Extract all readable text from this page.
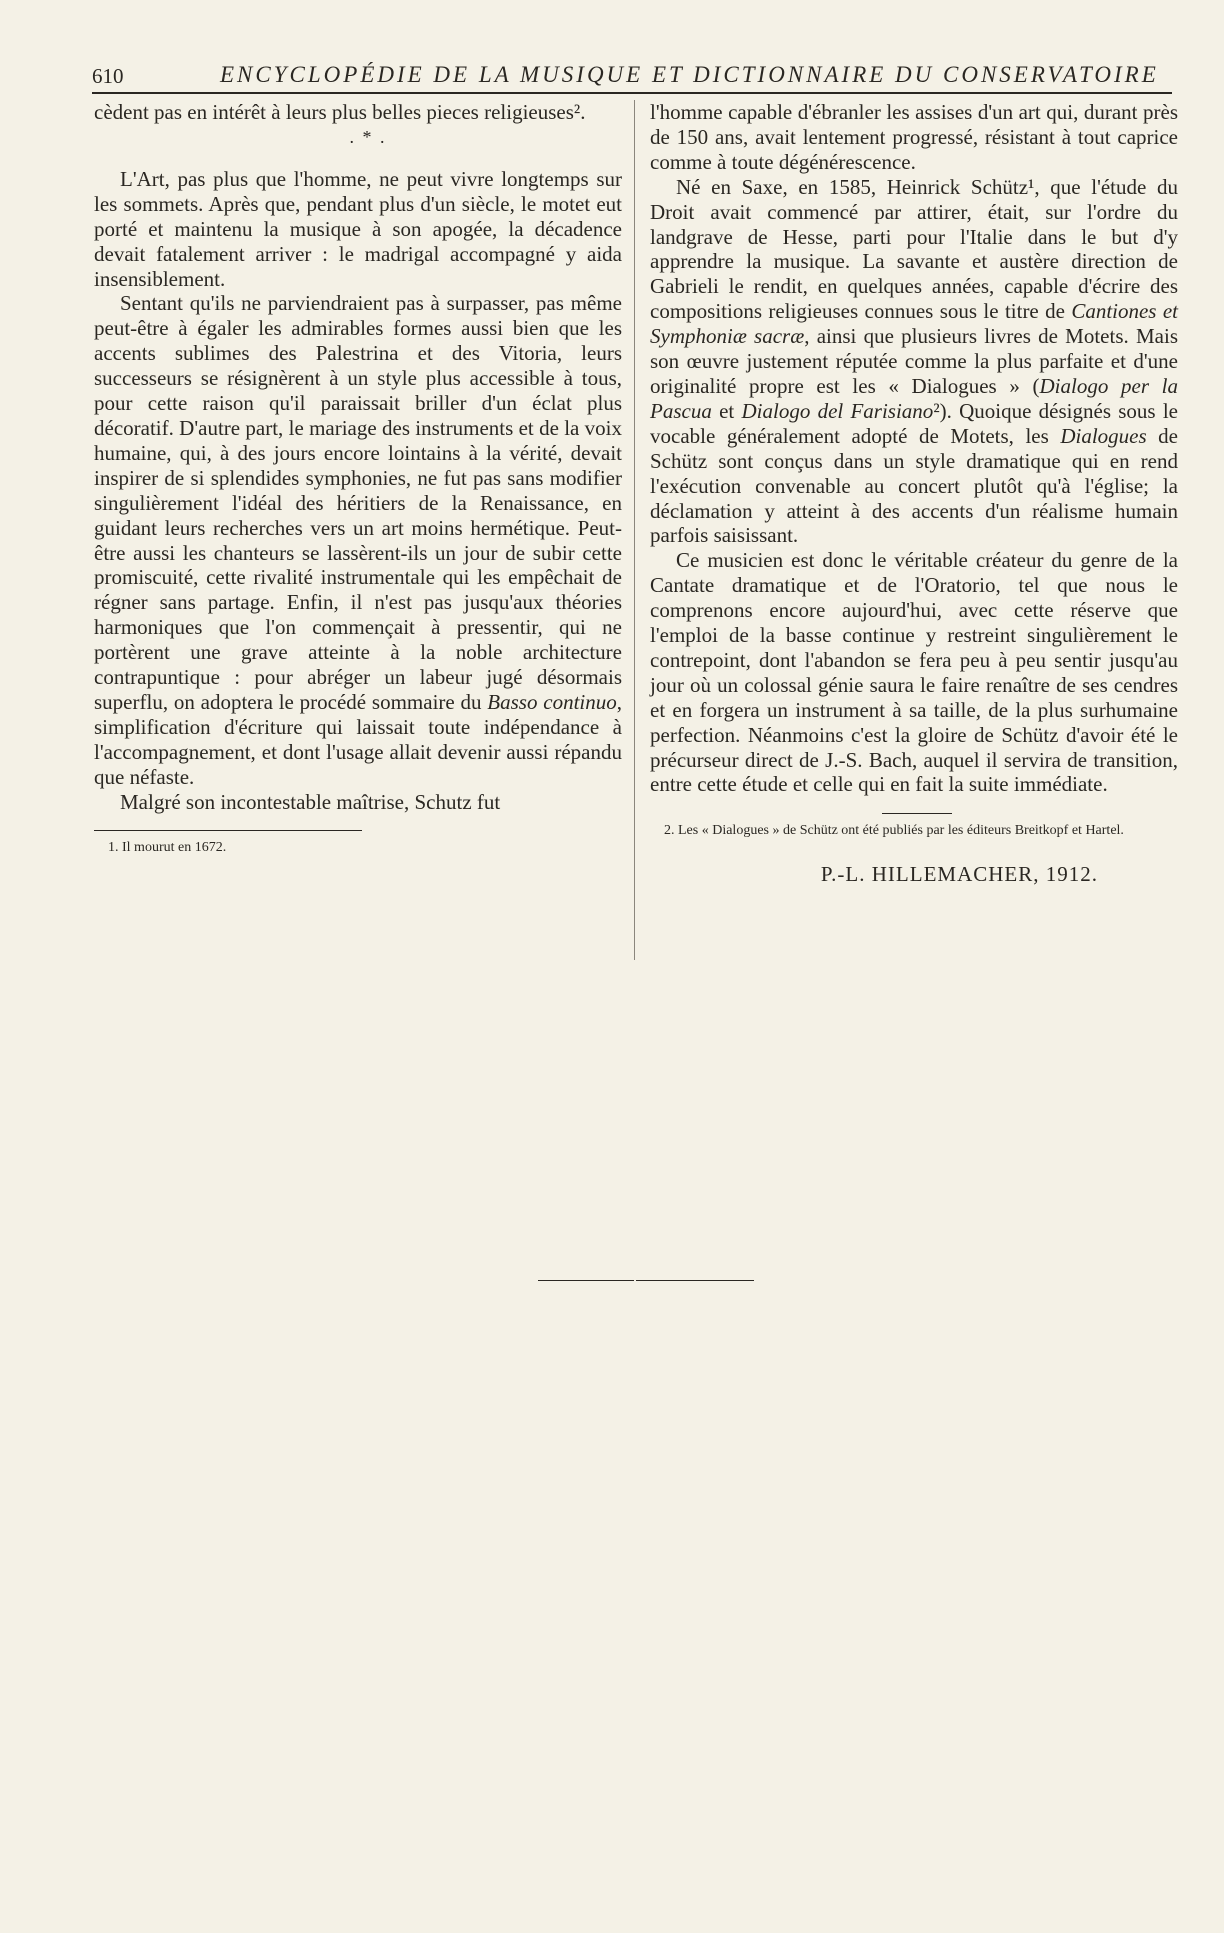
610	ENCYCLOPÉDIE DE LA MUSIQUE ET DICTIONNAIRE DU CONSERVATOIRE

cèdent pas en intérêt à leurs plus belles pieces religieuses².

. * .

L'Art, pas plus que l'homme, ne peut vivre longtemps sur les sommets. Après que, pendant plus d'un siècle, le motet eut porté et maintenu la musique à son apogée, la décadence devait fatalement arriver : le madrigal accompagné y aida insensiblement.

Sentant qu'ils ne parviendraient pas à surpasser, pas même peut-être à égaler les admirables formes aussi bien que les accents sublimes des Palestrina et des Vitoria, leurs successeurs se résignèrent à un style plus accessible à tous, pour cette raison qu'il paraissait briller d'un éclat plus décoratif. D'autre part, le mariage des instruments et de la voix humaine, qui, à des jours encore lointains à la vérité, devait inspirer de si splendides symphonies, ne fut pas sans modifier singulièrement l'idéal des héritiers de la Renaissance, en guidant leurs recherches vers un art moins hermétique. Peut-être aussi les chanteurs se lassèrent-ils un jour de subir cette promiscuité, cette rivalité instrumentale qui les empêchait de régner sans partage. Enfin, il n'est pas jusqu'aux théories harmoniques que l'on commençait à pressentir, qui ne portèrent une grave atteinte à la noble architecture contrapuntique : pour abréger un labeur jugé désormais superflu, on adoptera le procédé sommaire du Basso continuo, simplification d'écriture qui laissait toute indépendance à l'accompagnement, et dont l'usage allait devenir aussi répandu que néfaste.

Malgré son incontestable maîtrise, Schutz fut

1. Il mourut en 1672.

l'homme capable d'ébranler les assises d'un art qui, durant près de 150 ans, avait lentement progressé, résistant à tout caprice comme à toute dégénérescence.

Né en Saxe, en 1585, Heinrick Schütz¹, que l'étude du Droit avait commencé par attirer, était, sur l'ordre du landgrave de Hesse, parti pour l'Italie dans le but d'y apprendre la musique. La savante et austère direction de Gabrieli le rendit, en quelques années, capable d'écrire des compositions religieuses connues sous le titre de Cantiones et Symphoniæ sacræ, ainsi que plusieurs livres de Motets. Mais son œuvre justement réputée comme la plus parfaite et d'une originalité propre est les « Dialogues » (Dialogo per la Pascua et Dialogo del Farisiano²). Quoique désignés sous le vocable généralement adopté de Motets, les Dialogues de Schütz sont conçus dans un style dramatique qui en rend l'exécution convenable au concert plutôt qu'à l'église; la déclamation y atteint à des accents d'un réalisme humain parfois saisissant.

Ce musicien est donc le véritable créateur du genre de la Cantate dramatique et de l'Oratorio, tel que nous le comprenons encore aujourd'hui, avec cette réserve que l'emploi de la basse continue y restreint singulièrement le contrepoint, dont l'abandon se fera peu à peu sentir jusqu'au jour où un colossal génie saura le faire renaître de ses cendres et en forgera un instrument à sa taille, de la plus surhumaine perfection. Néanmoins c'est la gloire de Schütz d'avoir été le précurseur direct de J.-S. Bach, auquel il servira de transition, entre cette étude et celle qui en fait la suite immédiate.

2. Les « Dialogues » de Schütz ont été publiés par les éditeurs Breitkopf et Hartel.

P.-L. HILLEMACHER, 1912.
